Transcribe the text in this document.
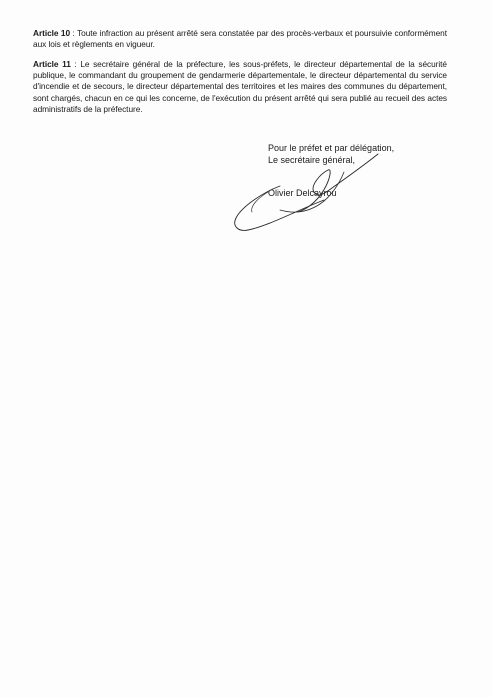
Article 10 : Toute infraction au présent arrêté sera constatée par des procès-verbaux et poursuivie conformément aux lois et règlements en vigueur.
Article 11 : Le secrétaire général de la préfecture, les sous-préfets, le directeur départemental de la sécurité publique, le commandant du groupement de gendarmerie départementale, le directeur départemental du service d'incendie et de secours, le directeur départemental des territoires et les maires des communes du département, sont chargés, chacun en ce qui les concerne, de l'exécution du présent arrêté qui sera publié au recueil des actes administratifs de la préfecture.
Pour le préfet et par délégation,
Le secrétaire général,
Olivier Delcayrou
